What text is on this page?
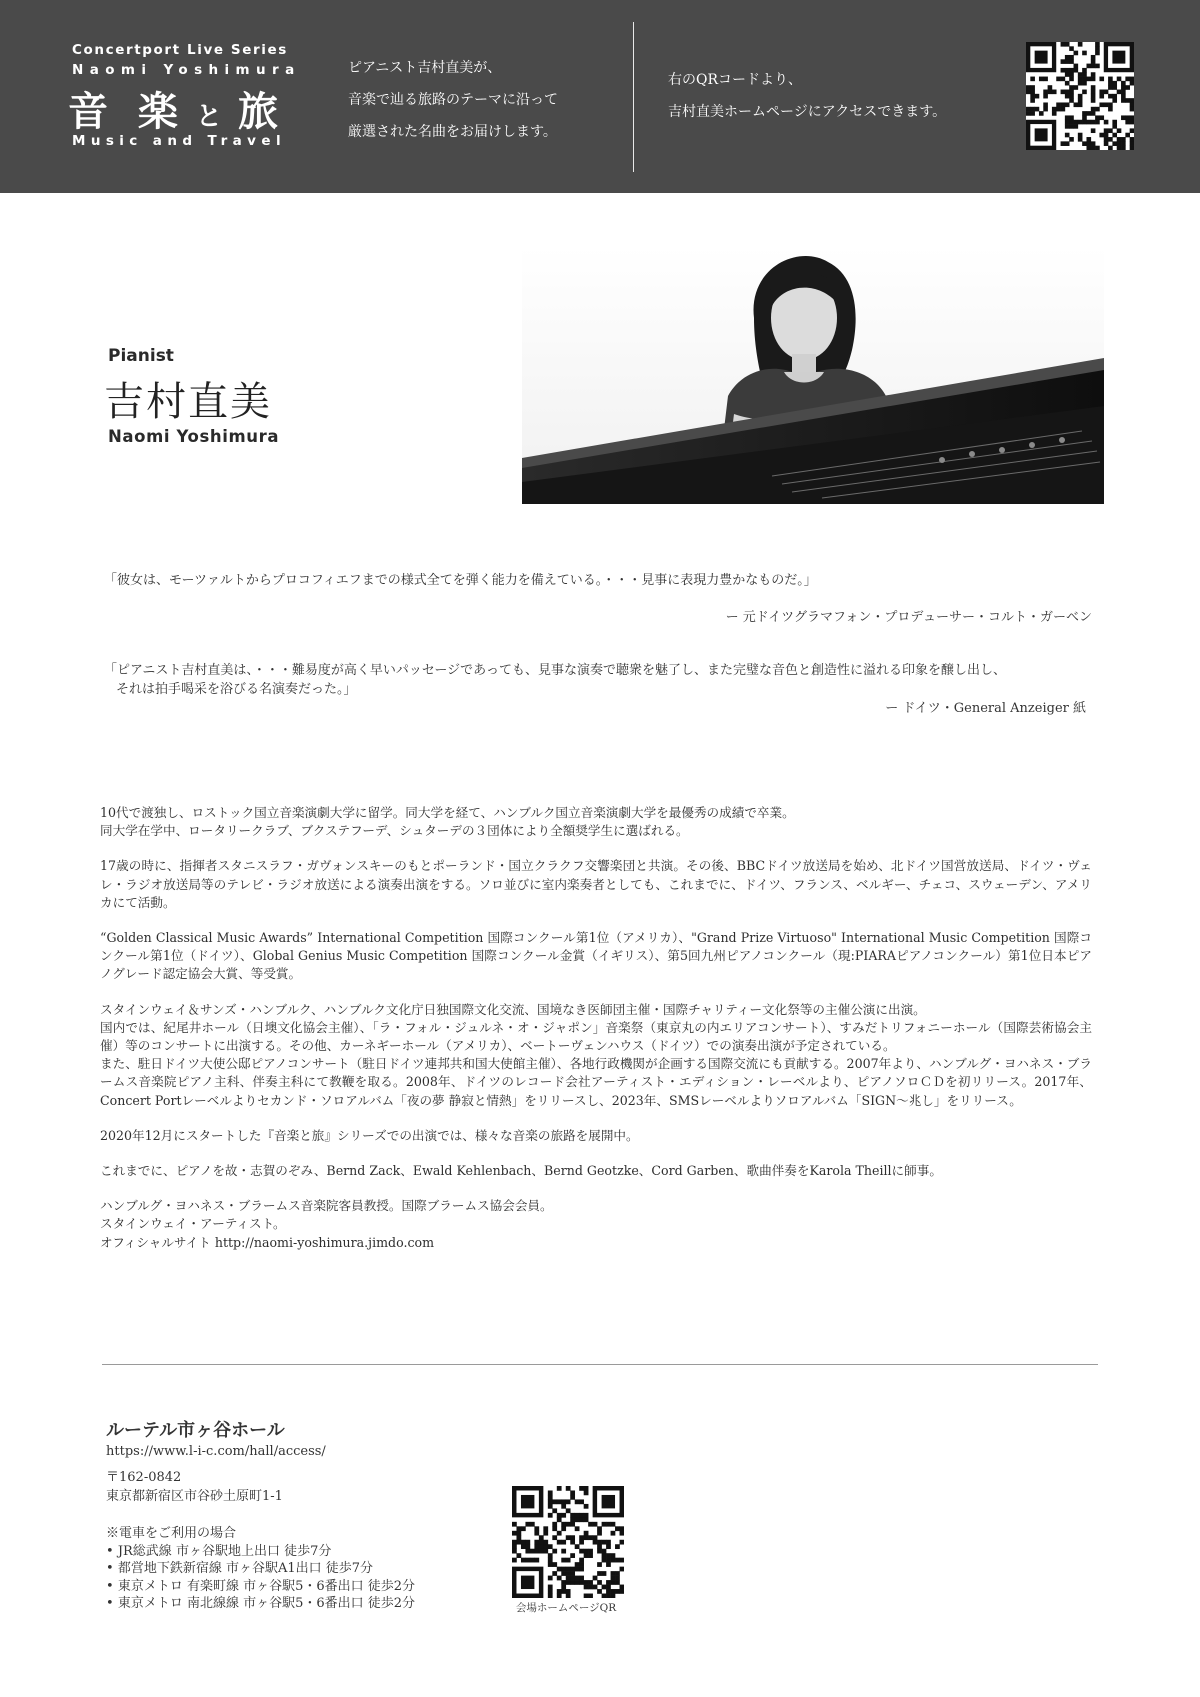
Concertport Live Series
Naomi Yoshimura
音 楽 と 旅
Music and Travel
ピアニスト吉村直美が、
音楽で辿る旅路のテーマに沿って
厳選された名曲をお届けします。
右のQRコードより、
吉村直美ホームページにアクセスできます。
Pianist
吉村直美
Naomi Yoshimura
「彼女は、モーツァルトからプロコフィエフまでの様式全てを弾く能力を備えている。・・・見事に表現力豊かなものだ。」
ー 元ドイツグラマフォン・プロデューサー・コルト・ガーベン
「ピアニスト吉村直美は、・・・難易度が高く早いパッセージであっても、見事な演奏で聴衆を魅了し、また完璧な音色と創造性に溢れる印象を醸し出し、
それは拍手喝采を浴びる名演奏だった。」
ー ドイツ・General Anzeiger 紙

10代で渡独し、ロストック国立音楽演劇大学に留学。同大学を経て、ハンブルク国立音楽演劇大学を最優秀の成績で卒業。
同大学在学中、ロータリークラブ、ブクステフーデ、シュターデの３団体により全額奨学生に選ばれる。

17歳の時に、指揮者スタニスラフ・ガヴォンスキーのもとポーランド・国立クラクフ交響楽団と共演。その後、BBCドイツ放送局を始め、北ドイツ国営放送局、ドイツ・ヴェレ・ラジオ放送局等のテレビ・ラジオ放送による演奏出演をする。ソロ並びに室内楽奏者としても、これまでに、ドイツ、フランス、ベルギー、チェコ、スウェーデン、アメリカにて活動。

“Golden Classical Music Awards” International Competition 国際コンクール第1位（アメリカ）、"Grand Prize Virtuoso" International Music Competition 国際コンクール第1位（ドイツ）、Global Genius Music Competition 国際コンクール金賞（イギリス）、第5回九州ピアノコンクール（現:PIARAピアノコンクール）第1位日本ピアノグレード認定協会大賞、等受賞。

スタインウェイ＆サンズ・ハンブルク、ハンブルク文化庁日独国際文化交流、国境なき医師団主催・国際チャリティー文化祭等の主催公演に出演。
国内では、紀尾井ホール（日墺文化協会主催）、「ラ・フォル・ジュルネ・オ・ジャポン」音楽祭（東京丸の内エリアコンサート）、すみだトリフォニーホール（国際芸術協会主催）等のコンサートに出演する。その他、カーネギーホール（アメリカ）、ベートーヴェンハウス（ドイツ）での演奏出演が予定されている。
また、駐日ドイツ大使公邸ピアノコンサート（駐日ドイツ連邦共和国大使館主催）、各地行政機関が企画する国際交流にも貢献する。2007年より、ハンブルグ・ヨハネス・ブラームス音楽院ピアノ主科、伴奏主科にて教鞭を取る。2008年、ドイツのレコード会社アーティスト・エディション・レーベルより、ピアノソロＣＤを初リリース。2017年、Concert Portレーベルよりセカンド・ソロアルバム「夜の夢 静寂と情熱」をリリースし、2023年、SMSレーベルよりソロアルバム「SIGN〜兆し」をリリース。

2020年12月にスタートした『音楽と旅』シリーズでの出演では、様々な音楽の旅路を展開中。

これまでに、ピアノを故・志賀のぞみ、Bernd Zack、Ewald Kehlenbach、Bernd Geotzke、Cord Garben、歌曲伴奏をKarola Theillに師事。

ハンブルグ・ヨハネス・ブラームス音楽院客員教授。国際ブラームス協会会員。
スタインウェイ・アーティスト。
オフィシャルサイト http://naomi-yoshimura.jimdo.com

ルーテル市ヶ谷ホール
https://www.l-i-c.com/hall/access/
〒162-0842
東京都新宿区市谷砂土原町1-1
※電車をご利用の場合
• JR総武線 市ヶ谷駅地上出口 徒歩7分
• 都営地下鉄新宿線 市ヶ谷駅A1出口 徒歩7分
• 東京メトロ 有楽町線 市ヶ谷駅5・6番出口 徒歩2分
• 東京メトロ 南北線線 市ヶ谷駅5・6番出口 徒歩2分	会場ホームページQR
